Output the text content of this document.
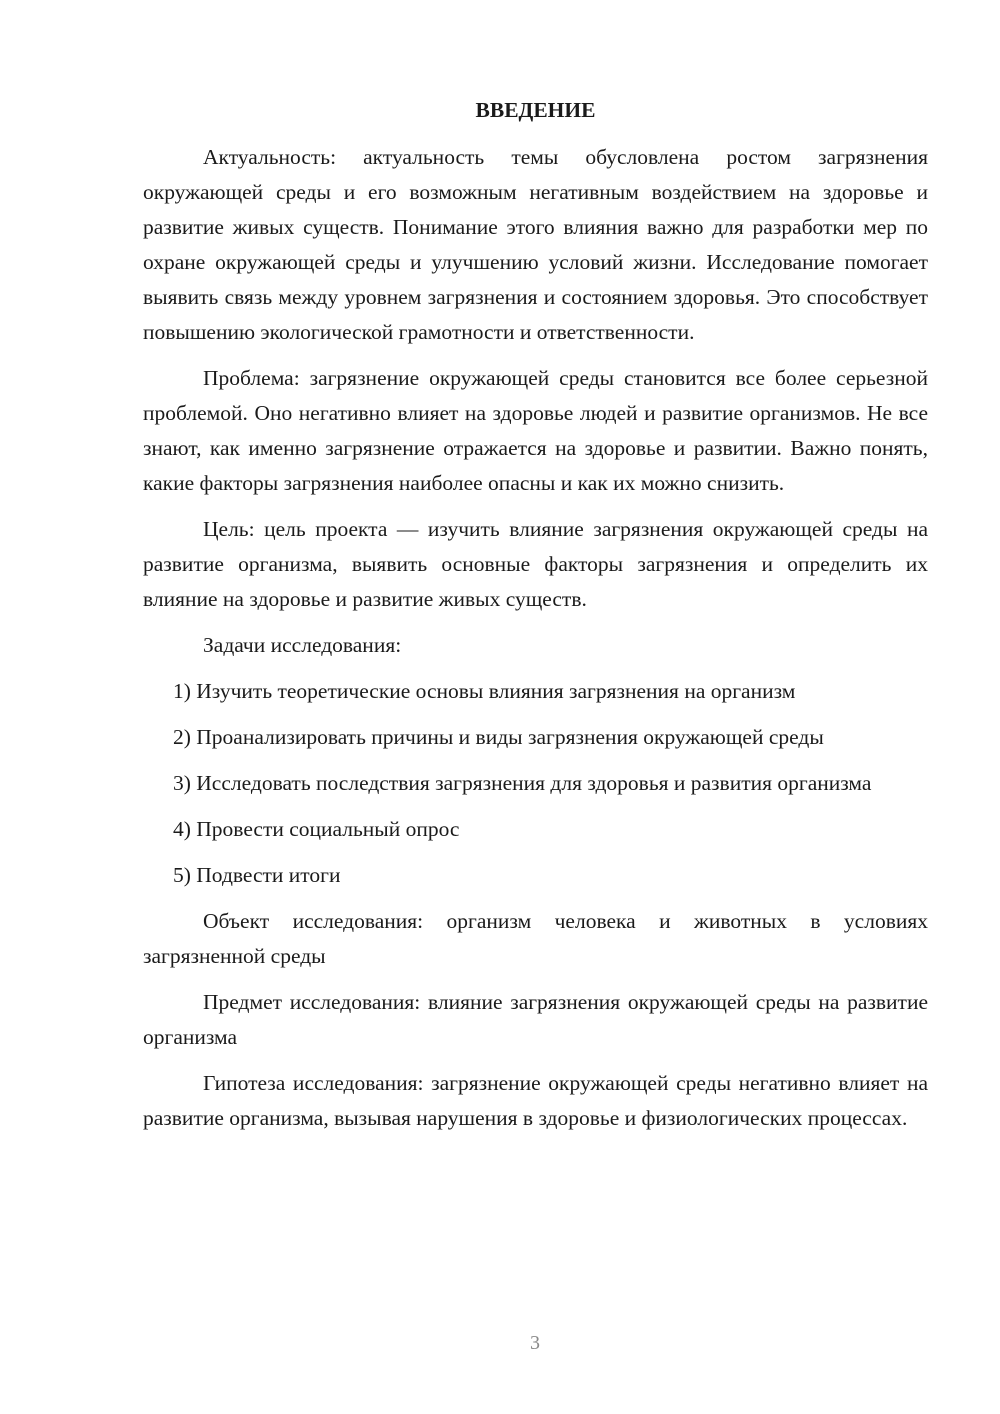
ВВЕДЕНИЕ

Актуальность: актуальность темы обусловлена ростом загрязнения окружающей среды и его возможным негативным воздействием на здоровье и развитие живых существ. Понимание этого влияния важно для разработки мер по охране окружающей среды и улучшению условий жизни. Исследование помогает выявить связь между уровнем загрязнения и состоянием здоровья. Это способствует повышению экологической грамотности и ответственности.

Проблема: загрязнение окружающей среды становится все более серьезной проблемой. Оно негативно влияет на здоровье людей и развитие организмов. Не все знают, как именно загрязнение отражается на здоровье и развитии. Важно понять, какие факторы загрязнения наиболее опасны и как их можно снизить.

Цель: цель проекта — изучить влияние загрязнения окружающей среды на развитие организма, выявить основные факторы загрязнения и определить их влияние на здоровье и развитие живых существ.

Задачи исследования:

1) Изучить теоретические основы влияния загрязнения на организм

2) Проанализировать причины и виды загрязнения окружающей среды

3) Исследовать последствия загрязнения для здоровья и развития организма

4) Провести социальный опрос

5) Подвести итоги

Объект исследования: организм человека и животных в условиях загрязненной среды

Предмет исследования: влияние загрязнения окружающей среды на развитие организма

Гипотеза исследования: загрязнение окружающей среды негативно влияет на развитие организма, вызывая нарушения в здоровье и физиологических процессах.

3
